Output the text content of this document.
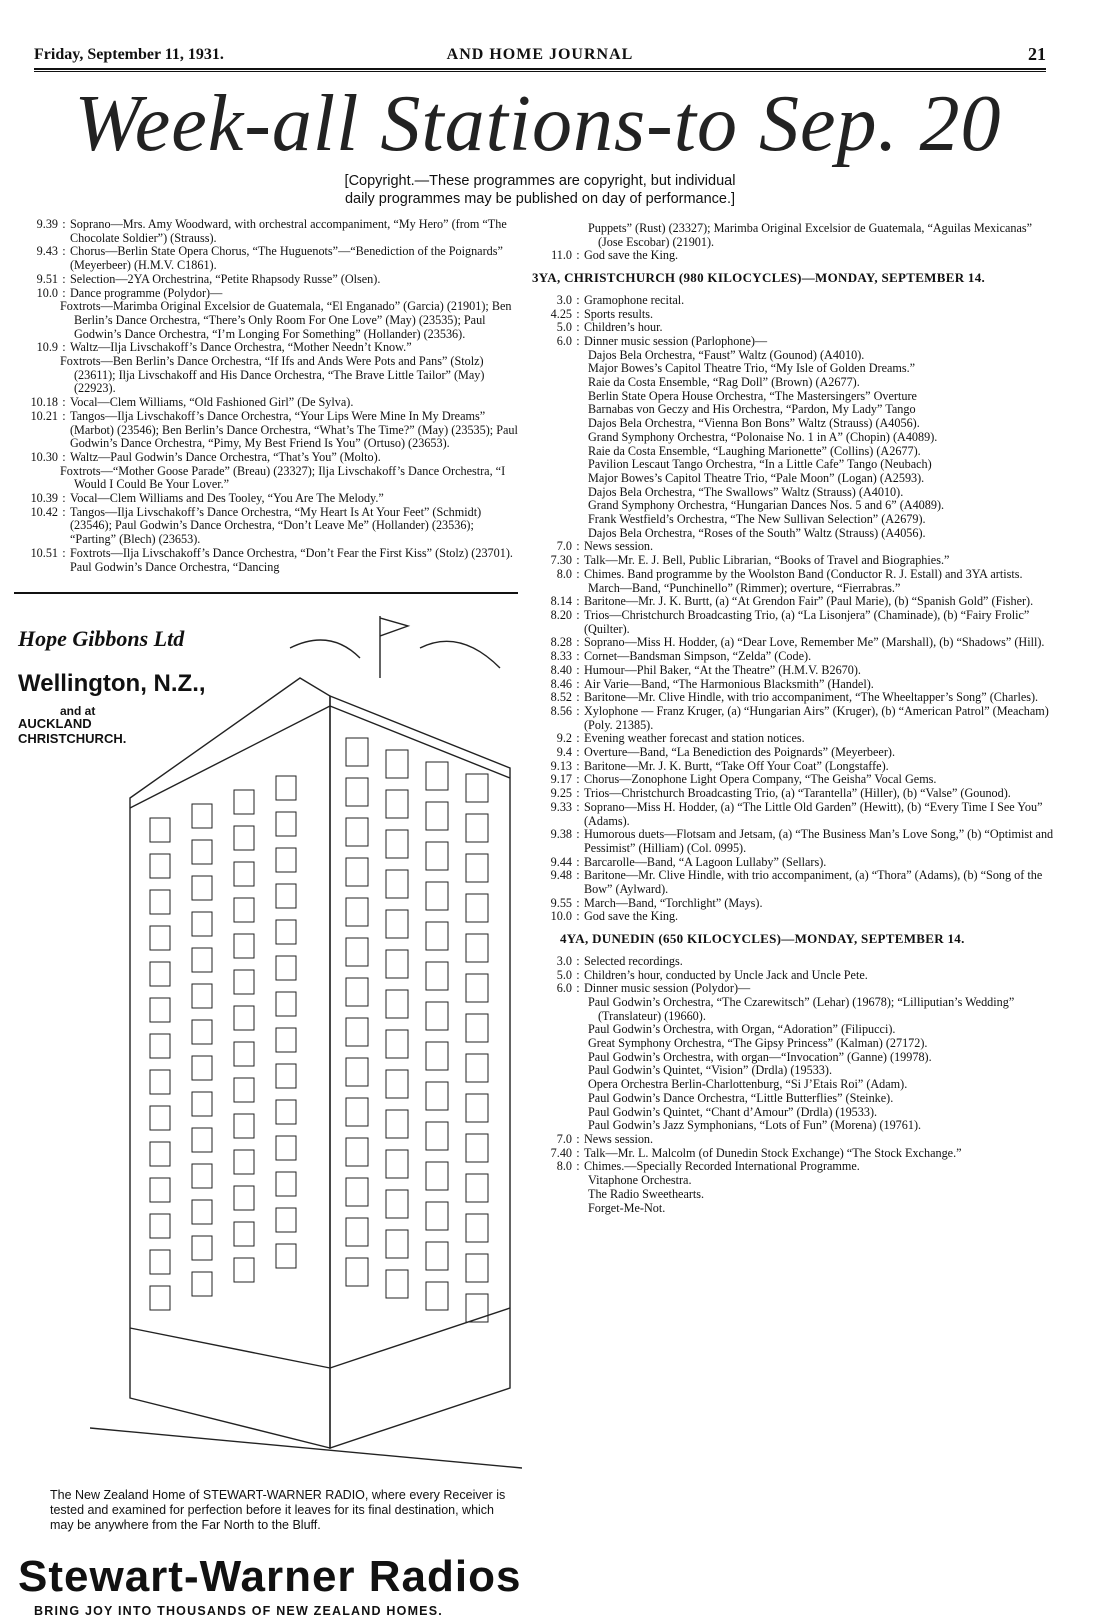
Friday, September 11, 1931.	AND HOME JOURNAL	21
Week-all Stations-to Sep. 20
[Copyright.—These programmes are copyright, but individual
daily programmes may be published on day of performance.]
9.39 : Soprano—Mrs. Amy Woodward, with orchestral accompaniment, “My Hero” (from “The Chocolate Soldier”) (Strauss).
9.43 : Chorus—Berlin State Opera Chorus, “The Huguenots”—“Benediction of the Poignards” (Meyerbeer) (H.M.V. C1861).
9.51 : Selection—2YA Orchestrina, “Petite Rhapsody Russe” (Olsen).
10.0 : Dance programme (Polydor)—
Foxtrots—Marimba Original Excelsior de Guatemala, “El Enganado” (Garcia) (21901); Ben Berlin’s Dance Orchestra, “There’s Only Room For One Love” (May) (23535); Paul Godwin’s Dance Orchestra, “I’m Longing For Something” (Hollander) (23536).
10.9 : Waltz—Ilja Livschakoff’s Dance Orchestra, “Mother Needn’t Know.”
Foxtrots—Ben Berlin’s Dance Orchestra, “If Ifs and Ands Were Pots and Pans” (Stolz) (23611); Ilja Livschakoff and His Dance Orchestra, “The Brave Little Tailor” (May) (22923).
10.18 : Vocal—Clem Williams, “Old Fashioned Girl” (De Sylva).
10.21 : Tangos—Ilja Livschakoff’s Dance Orchestra, “Your Lips Were Mine In My Dreams” (Marbot) (23546); Ben Berlin’s Dance Orchestra, “What’s The Time?” (May) (23535); Paul Godwin’s Dance Orchestra, “Pimy, My Best Friend Is You” (Ortuso) (23653).
10.30 : Waltz—Paul Godwin’s Dance Orchestra, “That’s You” (Molto).
Foxtrots—“Mother Goose Parade” (Breau) (23327); Ilja Livschakoff’s Dance Orchestra, “I Would I Could Be Your Lover.”
10.39 : Vocal—Clem Williams and Des Tooley, “You Are The Melody.”
10.42 : Tangos—Ilja Livschakoff’s Dance Orchestra, “My Heart Is At Your Feet” (Schmidt) (23546); Paul Godwin’s Dance Orchestra, “Don’t Leave Me” (Hollander) (23536); “Parting” (Blech) (23653).
10.51 : Foxtrots—Ilja Livschakoff’s Dance Orchestra, “Don’t Fear the First Kiss” (Stolz) (23701). Paul Godwin’s Dance Orchestra, “Dancing
Puppets” (Rust) (23327); Marimba Original Excelsior de Guatemala, “Aguilas Mexicanas” (Jose Escobar) (21901).
11.0 : God save the King.
3YA, CHRISTCHURCH (980 KILOCYCLES)—MONDAY, SEPTEMBER 14.
3.0 : Gramophone recital.
4.25 : Sports results.
5.0 : Children’s hour.
6.0 : Dinner music session (Parlophone)—
Dajos Bela Orchestra, “Faust” Waltz (Gounod) (A4010).
Major Bowes’s Capitol Theatre Trio, “My Isle of Golden Dreams.”
Raie da Costa Ensemble, “Rag Doll” (Brown) (A2677).
Berlin State Opera House Orchestra, “The Mastersingers” Overture
Barnabas von Geczy and His Orchestra, “Pardon, My Lady” Tango
Dajos Bela Orchestra, “Vienna Bon Bons” Waltz (Strauss) (A4056).
Grand Symphony Orchestra, “Polonaise No. 1 in A” (Chopin) (A4089).
Raie da Costa Ensemble, “Laughing Marionette” (Collins) (A2677).
Pavilion Lescaut Tango Orchestra, “In a Little Cafe” Tango (Neubach)
Major Bowes’s Capitol Theatre Trio, “Pale Moon” (Logan) (A2593).
Dajos Bela Orchestra, “The Swallows” Waltz (Strauss) (A4010).
Grand Symphony Orchestra, “Hungarian Dances Nos. 5 and 6” (A4089).
Frank Westfield’s Orchestra, “The New Sullivan Selection” (A2679).
Dajos Bela Orchestra, “Roses of the South” Waltz (Strauss) (A4056).
7.0 : News session.
7.30 : Talk—Mr. E. J. Bell, Public Librarian, “Books of Travel and Biographies.”
8.0 : Chimes. Band programme by the Woolston Band (Conductor R. J. Estall) and 3YA artists.
March—Band, “Punchinello” (Rimmer); overture, “Fierrabras.”
8.14 : Baritone—Mr. J. K. Burtt, (a) “At Grendon Fair” (Paul Marie), (b) “Spanish Gold” (Fisher).
8.20 : Trios—Christchurch Broadcasting Trio, (a) “La Lisonjera” (Chaminade), (b) “Fairy Frolic” (Quilter).
8.28 : Soprano—Miss H. Hodder, (a) “Dear Love, Remember Me” (Marshall), (b) “Shadows” (Hill).
8.33 : Cornet—Bandsman Simpson, “Zelda” (Code).
8.40 : Humour—Phil Baker, “At the Theatre” (H.M.V. B2670).
8.46 : Air Varie—Band, “The Harmonious Blacksmith” (Handel).
8.52 : Baritone—Mr. Clive Hindle, with trio accompaniment, “The Wheeltapper’s Song” (Charles).
8.56 : Xylophone — Franz Kruger, (a) “Hungarian Airs” (Kruger), (b) “American Patrol” (Meacham) (Poly. 21385).
9.2 : Evening weather forecast and station notices.
9.4 : Overture—Band, “La Benediction des Poignards” (Meyerbeer).
9.13 : Baritone—Mr. J. K. Burtt, “Take Off Your Coat” (Longstaffe).
9.17 : Chorus—Zonophone Light Opera Company, “The Geisha” Vocal Gems.
9.25 : Trios—Christchurch Broadcasting Trio, (a) “Tarantella” (Hiller), (b) “Valse” (Gounod).
9.33 : Soprano—Miss H. Hodder, (a) “The Little Old Garden” (Hewitt), (b) “Every Time I See You” (Adams).
9.38 : Humorous duets—Flotsam and Jetsam, (a) “The Business Man’s Love Song,” (b) “Optimist and Pessimist” (Hilliam) (Col. 0995).
9.44 : Barcarolle—Band, “A Lagoon Lullaby” (Sellars).
9.48 : Baritone—Mr. Clive Hindle, with trio accompaniment, (a) “Thora” (Adams), (b) “Song of the Bow” (Aylward).
9.55 : March—Band, “Torchlight” (Mays).
10.0 : God save the King.
4YA, DUNEDIN (650 KILOCYCLES)—MONDAY, SEPTEMBER 14.
3.0 : Selected recordings.
5.0 : Children’s hour, conducted by Uncle Jack and Uncle Pete.
6.0 : Dinner music session (Polydor)—
Paul Godwin’s Orchestra, “The Czarewitsch” (Lehar) (19678); “Lilliputian’s Wedding” (Translateur) (19660).
Paul Godwin’s Orchestra, with Organ, “Adoration” (Filipucci).
Great Symphony Orchestra, “The Gipsy Princess” (Kalman) (27172).
Paul Godwin’s Orchestra, with organ—“Invocation” (Ganne) (19978).
Paul Godwin’s Quintet, “Vision” (Drdla) (19533).
Opera Orchestra Berlin-Charlottenburg, “Si J’Etais Roi” (Adam).
Paul Godwin’s Dance Orchestra, “Little Butterflies” (Steinke).
Paul Godwin’s Quintet, “Chant d’Amour” (Drdla) (19533).
Paul Godwin’s Jazz Symphonians, “Lots of Fun” (Morena) (19761).
7.0 : News session.
7.40 : Talk—Mr. L. Malcolm (of Dunedin Stock Exchange) “The Stock Exchange.”
8.0 : Chimes.—Specially Recorded International Programme.
Vitaphone Orchestra.
The Radio Sweethearts.
Forget-Me-Not.
Hope Gibbons Ltd
Wellington, N.Z.,
and at
AUCKLAND
CHRISTCHURCH.
The New Zealand Home of STEWART-WARNER RADIO, where every Receiver is tested and examined for perfection before it leaves for its final destination, which may be anywhere from the Far North to the Bluff.
Stewart-Warner Radios
BRING JOY INTO THOUSANDS OF NEW ZEALAND HOMES.
